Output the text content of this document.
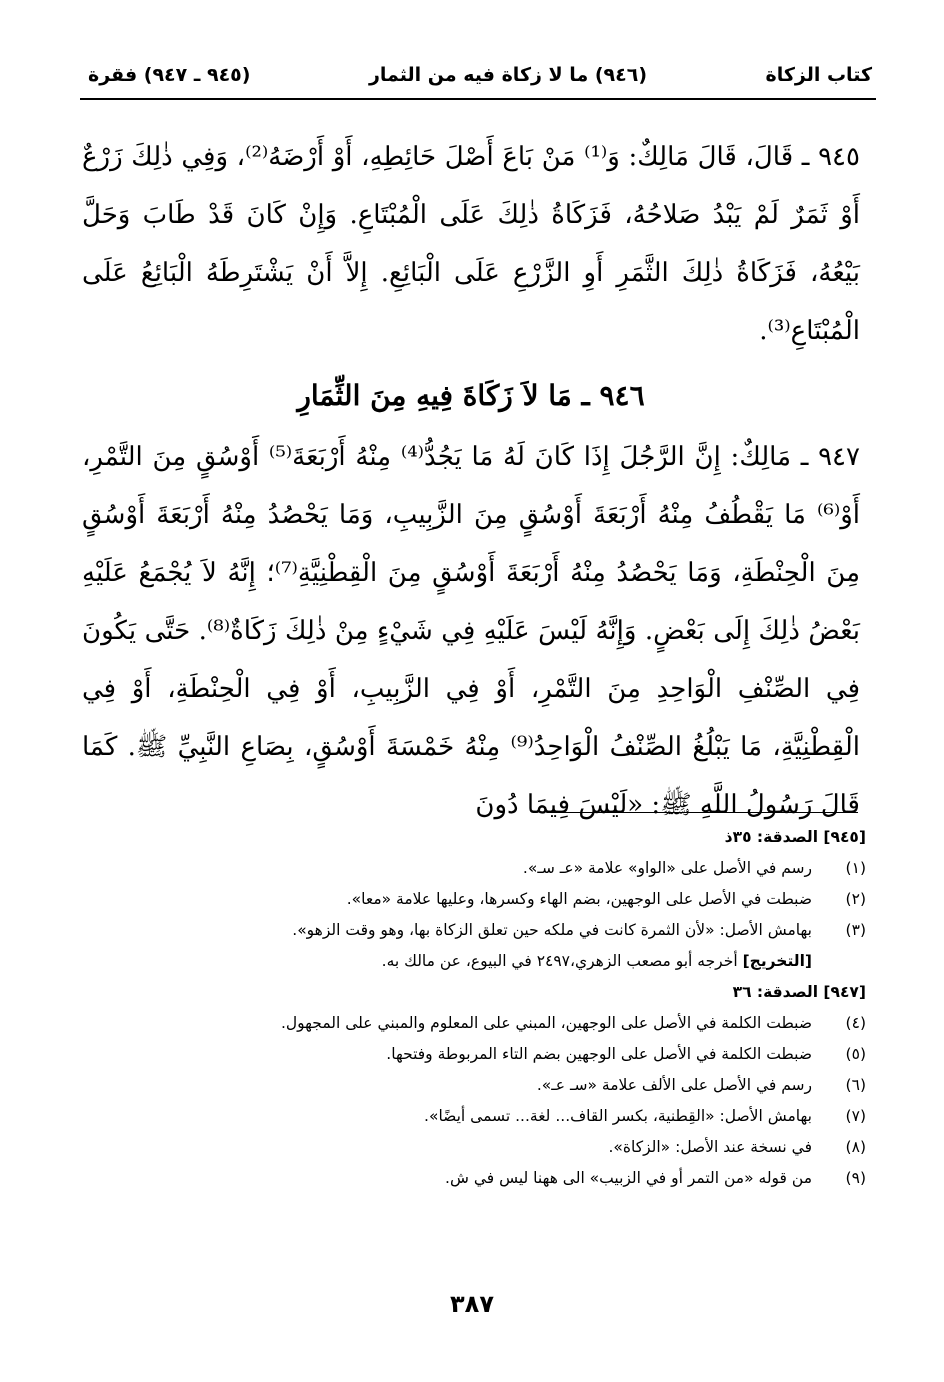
كتاب الزكاة
(٩٤٦) ما لا زكاة فيه من الثمار
(٩٤٥ ـ ٩٤٧) فقرة

٩٤٥ ـ قَالَ، قَالَ مَالِكٌ: وَ⁽¹⁾ مَنْ بَاعَ أَصْلَ حَائِطِهِ، أَوْ أَرْضَهُ⁽²⁾، وَفِي ذٰلِكَ زَرْعٌ أَوْ ثَمَرٌ لَمْ يَبْدُ صَلاحُهُ، فَزَكَاةُ ذٰلِكَ عَلَى الْمُبْتَاعِ. وَإِنْ كَانَ قَدْ طَابَ وَحَلَّ بَيْعُهُ، فَزَكَاةُ ذٰلِكَ الثَّمَرِ أَوِ الزَّرْعِ عَلَى الْبَائِعِ. إِلاَّ أَنْ يَشْتَرِطَهُ الْبَائِعُ عَلَى الْمُبْتَاعِ⁽³⁾.

٩٤٦ ـ مَا لاَ زَكَاةَ فِيهِ مِنَ الثِّمَارِ

٩٤٧ ـ مَالِكٌ: إِنَّ الرَّجُلَ إِذَا كَانَ لَهُ مَا يَجُدُّ⁽⁴⁾ مِنْهُ أَرْبَعَةَ⁽⁵⁾ أَوْسُقٍ مِنَ التَّمْرِ، أَوْ⁽⁶⁾ مَا يَقْطُفُ مِنْهُ أَرْبَعَةَ أَوْسُقٍ مِنَ الزَّبِيبِ، وَمَا يَحْصُدُ مِنْهُ أَرْبَعَةَ أَوْسُقٍ مِنَ الْحِنْطَةِ، وَمَا يَحْصُدُ مِنْهُ أَرْبَعَةَ أَوْسُقٍ مِنَ الْقِطْنِيَّةِ⁽⁷⁾؛ إِنَّهُ لاَ يُجْمَعُ عَلَيْهِ بَعْضُ ذٰلِكَ إِلَى بَعْضٍ. وَإِنَّهُ لَيْسَ عَلَيْهِ فِي شَيْءٍ مِنْ ذٰلِكَ زَكَاةٌ⁽⁸⁾. حَتَّى يَكُونَ فِي الصِّنْفِ الْوَاحِدِ مِنَ التَّمْرِ، أَوْ فِي الزَّبِيبِ، أَوْ فِي الْحِنْطَةِ، أَوْ فِي الْقِطْنِيَّةِ، مَا يَبْلُغُ الصِّنْفُ الْوَاحِدُ⁽⁹⁾ مِنْهُ خَمْسَةَ أَوْسُقٍ، بِصَاعِ النَّبِيِّ ﷺ. كَمَا قَالَ رَسُولُ اللَّهِ ﷺ: «لَيْسَ فِيمَا دُونَ

[٩٤٥] الصدقة: ٣٥ذ
(١)
رسم في الأصل على «الواو» علامة «عـ سـ».
(٢)
ضبطت في الأصل على الوجهين، بضم الهاء وكسرها، وعليها علامة «معا».
(٣)
بهامش الأصل: «لأن الثمرة كانت في ملكه حين تعلق الزكاة بها، وهو وقت الزهو».
[التخريج] أخرجه أبو مصعب الزهري،٢٤٩٧ في البيوع، عن مالك به.
[٩٤٧] الصدقة: ٣٦
(٤)
ضبطت الكلمة في الأصل على الوجهين، المبني على المعلوم والمبني على المجهول.
(٥)
ضبطت الكلمة في الأصل على الوجهين بضم التاء المربوطة وفتحها.
(٦)
رسم في الأصل على الألف علامة «سـ عـ».
(٧)
بهامش الأصل: «القِطنية، بكسر القاف... لغة... تسمى أيضًا».
(٨)
في نسخة عند الأصل: «الزكاة».
(٩)
من قوله «من التمر أو في الزبيب» الى ههنا ليس في ش.
٣٨٧
